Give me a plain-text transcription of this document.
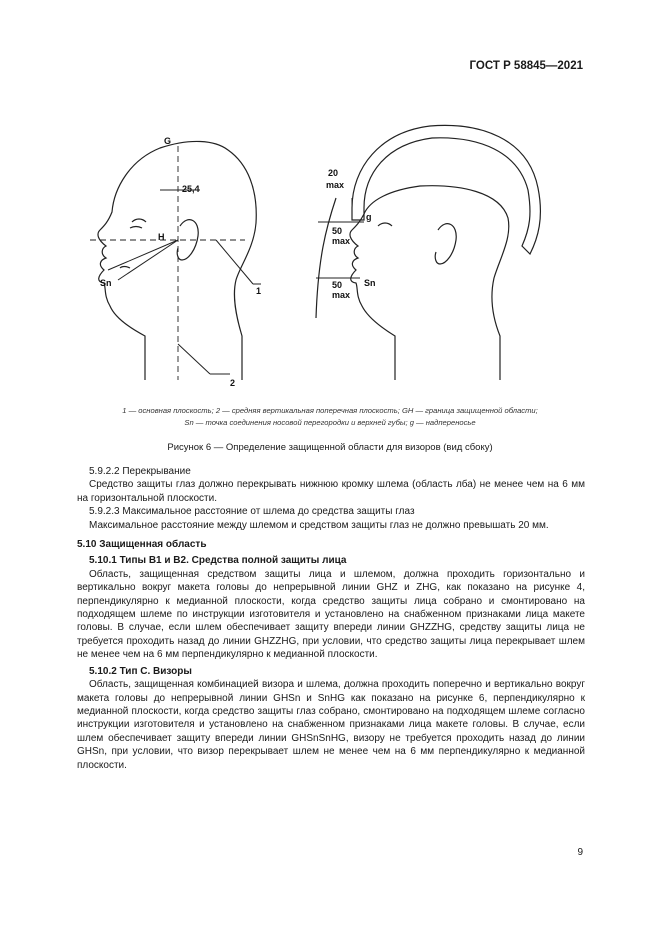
ГОСТ Р 58845—2021
G
25,4
H
Sn
1
2
20
max
g
50
max
50
max
Sn
1 — основная плоскость; 2 — средняя вертикальная поперечная плоскость; GH — граница защищенной области;
Sn — точка соединения носовой перегородки и верхней губы; g — надпереносье
Рисунок 6 — Определение защищенной области для визоров (вид сбоку)

5.9.2.2 Перекрывание

Средство защиты глаз должно перекрывать нижнюю кромку шлема (область лба) не менее чем на 6 мм на горизонтальной плоскости.

5.9.2.3 Максимальное расстояние от шлема до средства защиты глаз

Максимальное расстояние между шлемом и средством защиты глаз не должно превышать 20 мм.

5.10 Защищенная область

5.10.1 Типы В1 и В2. Средства полной защиты лица

Область, защищенная средством защиты лица и шлемом, должна проходить горизонтально и вертикально вокруг макета головы до непрерывной линии GHZ и ZHG, как показано на рисунке 4, перпендикулярно к медианной плоскости, когда средство защиты лица собрано и смонтировано на подходящем шлеме по инструкции изготовителя и установлено на снабженном признаками лица макете головы. В случае, если шлем обеспечивает защиту впереди линии GHZZHG, средству защиты лица не требуется проходить назад до линии GHZZHG, при условии, что средство защиты лица перекрывает шлем не менее чем на 6 мм перпендикулярно к медианной плоскости.

5.10.2 Тип С. Визоры

Область, защищенная комбинацией визора и шлема, должна проходить поперечно и вертикально вокруг макета головы до непрерывной линии GHSn и SnHG как показано на рисунке 6, перпендикулярно к медианной плоскости, когда средство защиты глаз собрано, смонтировано на подходящем шлеме согласно инструкции изготовителя и установлено на снабженном признаками лица макете головы. В случае, если шлем обеспечивает защиту впереди линии GHSnSnHG, визору не требуется проходить назад до линии GHSn, при условии, что визор перекрывает шлем не менее чем на 6 мм перпендикулярно к медианной плоскости.

9
